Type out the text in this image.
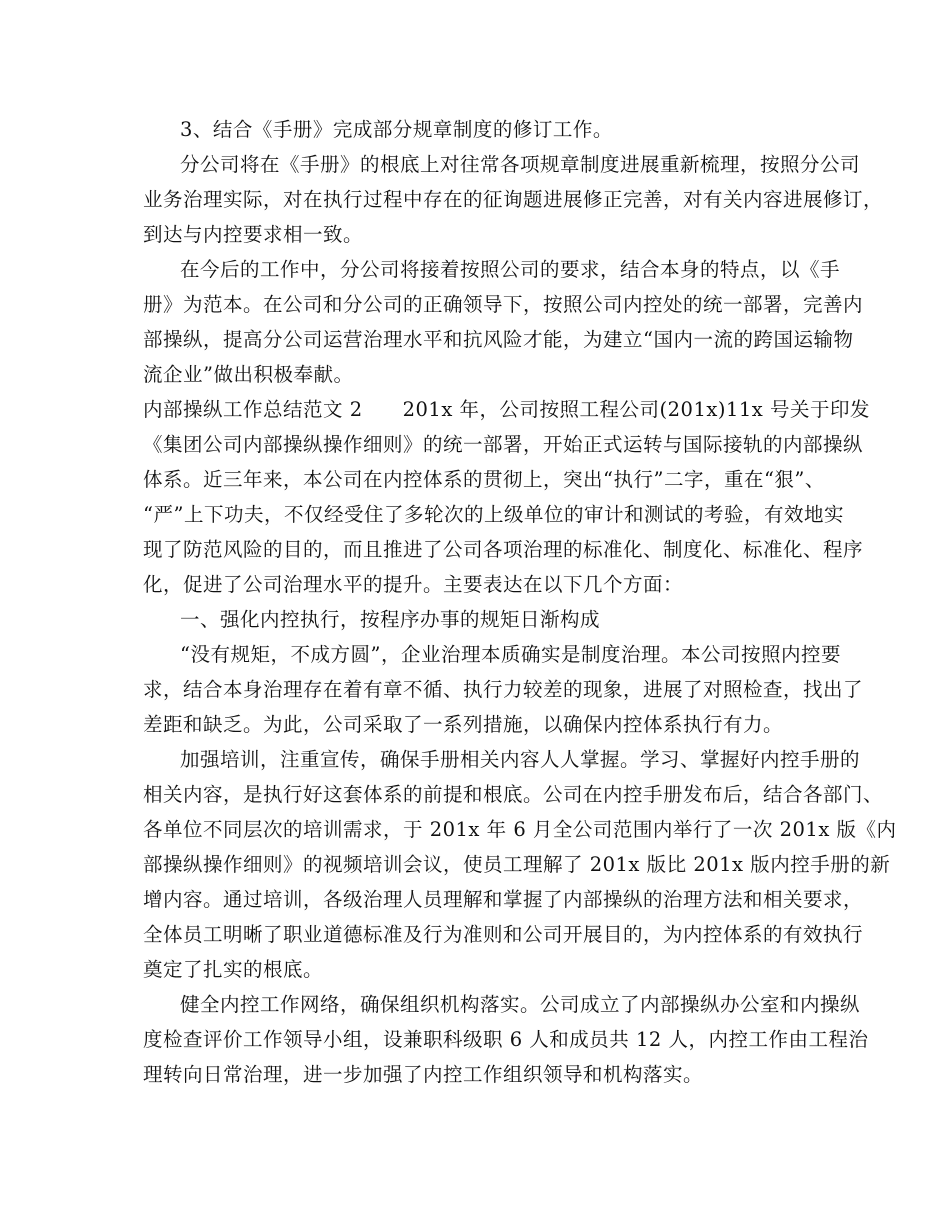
3、结合《手册》完成部分规章制度的修订工作。
分公司将在《手册》的根底上对往常各项规章制度进展重新梳理，按照分公司
业务治理实际，对在执行过程中存在的征询题进展修正完善，对有关内容进展修订，
到达与内控要求相一致。
在今后的工作中，分公司将接着按照公司的要求，结合本身的特点，以《手
册》为范本。在公司和分公司的正确领导下，按照公司内控处的统一部署，完善内
部操纵，提高分公司运营治理水平和抗风险才能，为建立“国内一流的跨国运输物
流企业”做出积极奉献。
内部操纵工作总结范文 2　　201x 年，公司按照工程公司(201x)11x 号关于印发
《集团公司内部操纵操作细则》的统一部署，开始正式运转与国际接轨的内部操纵
体系。近三年来，本公司在内控体系的贯彻上，突出“执行”二字，重在“狠”、
“严”上下功夫，不仅经受住了多轮次的上级单位的审计和测试的考验，有效地实
现了防范风险的目的，而且推进了公司各项治理的标准化、制度化、标准化、程序
化，促进了公司治理水平的提升。主要表达在以下几个方面：
一、强化内控执行，按程序办事的规矩日渐构成
“没有规矩，不成方圆”，企业治理本质确实是制度治理。本公司按照内控要
求，结合本身治理存在着有章不循、执行力较差的现象，进展了对照检查，找出了
差距和缺乏。为此，公司采取了一系列措施，以确保内控体系执行有力。
加强培训，注重宣传，确保手册相关内容人人掌握。学习、掌握好内控手册的
相关内容，是执行好这套体系的前提和根底。公司在内控手册发布后，结合各部门、
各单位不同层次的培训需求，于 201x 年 6 月全公司范围内举行了一次 201x 版《内
部操纵操作细则》的视频培训会议，使员工理解了 201x 版比 201x 版内控手册的新
增内容。通过培训，各级治理人员理解和掌握了内部操纵的治理方法和相关要求，
全体员工明晰了职业道德标准及行为准则和公司开展目的，为内控体系的有效执行
奠定了扎实的根底。
健全内控工作网络，确保组织机构落实。公司成立了内部操纵办公室和内操纵
度检查评价工作领导小组，设兼职科级职 6 人和成员共 12 人，内控工作由工程治
理转向日常治理，进一步加强了内控工作组织领导和机构落实。
